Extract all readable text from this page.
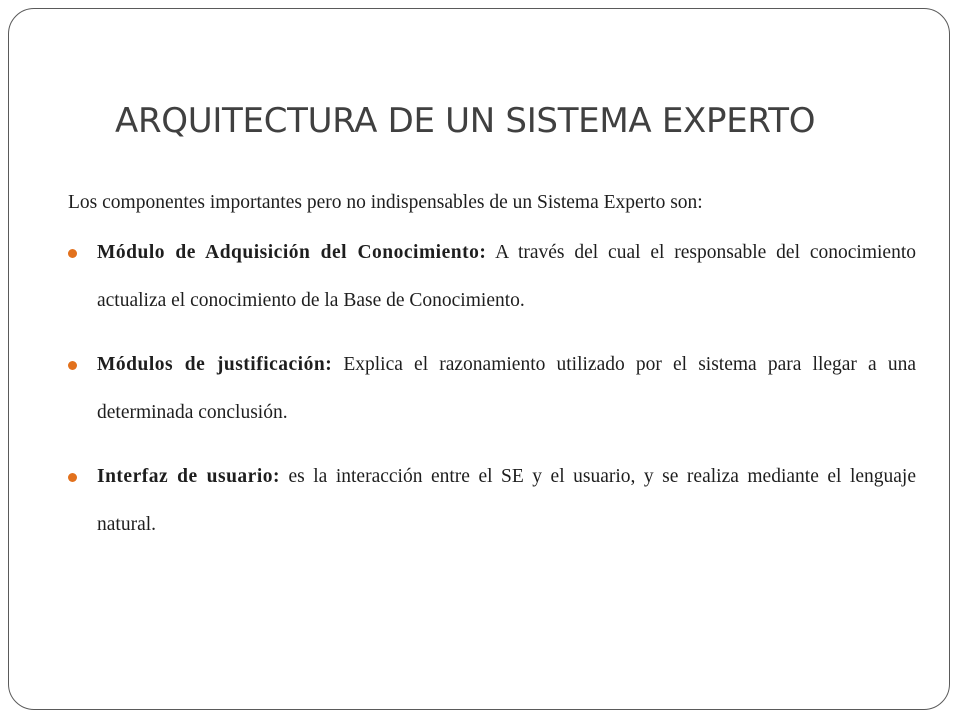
ARQUITECTURA DE UN SISTEMA EXPERTO

Los componentes importantes pero no indispensables de un Sistema Experto son:

Módulo de Adquisición del Conocimiento: A través del cual el responsable del conocimiento actualiza el conocimiento de la Base de Conocimiento.
Módulos de justificación: Explica el razonamiento utilizado por el sistema para llegar a una determinada conclusión.
Interfaz de usuario: es la interacción entre el SE y el usuario, y se realiza mediante el lenguaje natural.
